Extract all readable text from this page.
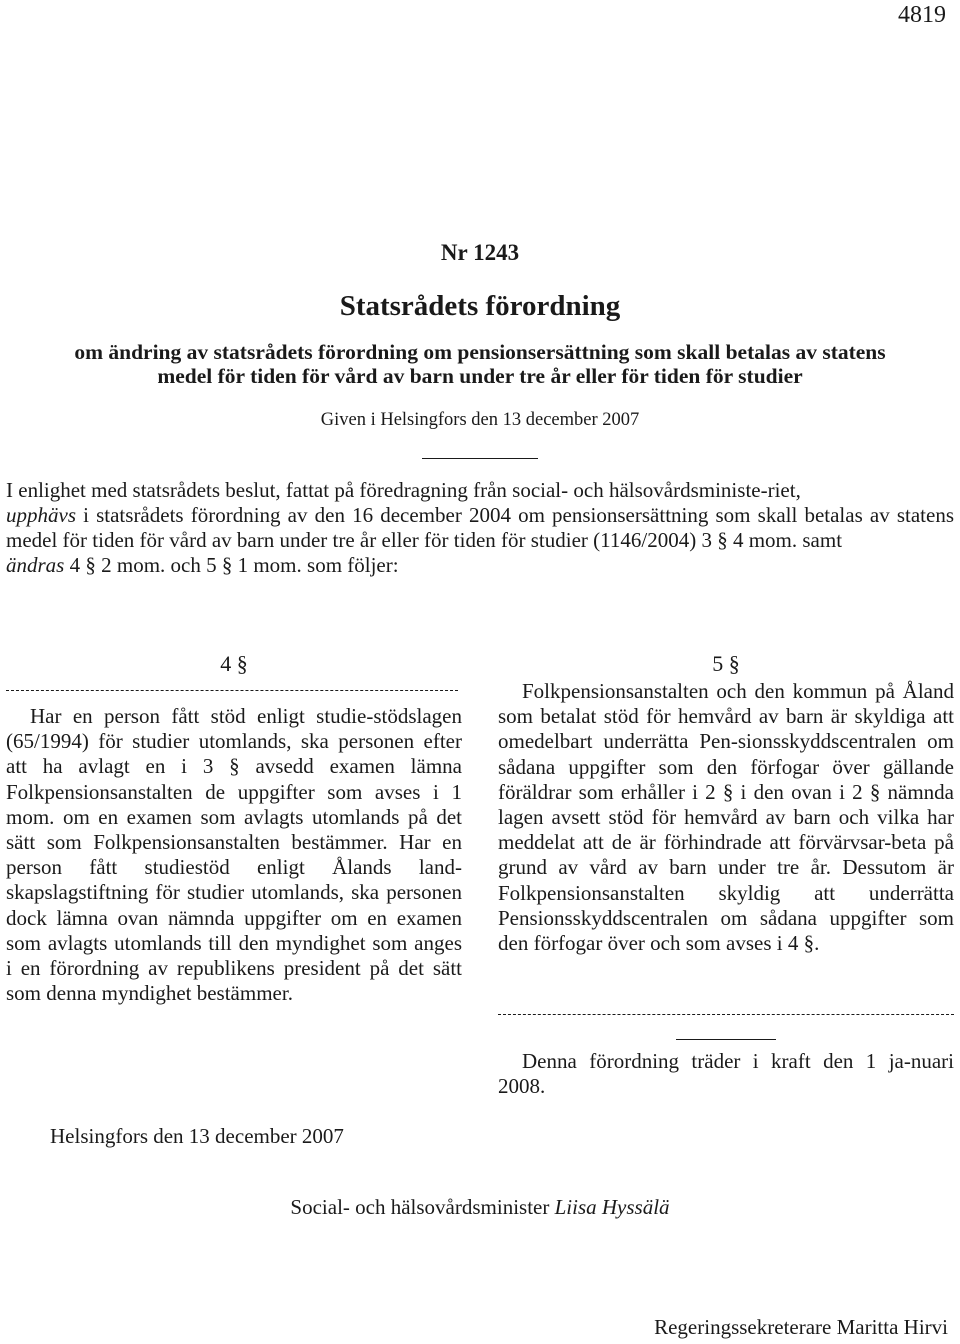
4819
Nr 1243
Statsrådets förordning
om ändring av statsrådets förordning om pensionsersättning som skall betalas av statens
medel för tiden för vård av barn under tre år eller för tiden för studier
Given i Helsingfors den 13 december 2007

I enlighet med statsrådets beslut, fattat på föredragning från social- och hälsovårdsministe-riet,

upphävs i statsrådets förordning av den 16 december 2004 om pensionsersättning som skall betalas av statens medel för tiden för vård av barn under tre år eller för tiden för studier (1146/2004) 3 § 4 mom. samt

ändras 4 § 2 mom. och 5 § 1 mom. som följer:

4 §

Har en person fått stöd enligt studie-stödslagen (65/1994) för studier utomlands, ska personen efter att ha avlagt en i 3 § avsedd examen lämna Folkpensionsanstalten de uppgifter som avses i 1 mom. om en examen som avlagts utomlands på det sätt som Folkpensionsanstalten bestämmer. Har en person fått studiestöd enligt Ålands land-skapslagstiftning för studier utomlands, ska personen dock lämna ovan nämnda uppgifter om en examen som avlagts utomlands till den myndighet som anges i en förordning av republikens president på det sätt som denna myndighet bestämmer.

5 §

Folkpensionsanstalten och den kommun på Åland som betalat stöd för hemvård av barn är skyldiga att omedelbart underrätta Pen-sionsskyddscentralen om sådana uppgifter som den förfogar över gällande föräldrar som erhåller i 2 § i den ovan i 2 § nämnda lagen avsett stöd för hemvård av barn och vilka har meddelat att de är förhindrade att förvärvsar-beta på grund av vård av barn under tre år. Dessutom är Folkpensionsanstalten skyldig att underrätta Pensionsskyddscentralen om sådana uppgifter som den förfogar över och som avses i 4 §.

Denna förordning träder i kraft den 1 ja-nuari 2008.

Helsingfors den 13 december 2007
Social- och hälsovårdsminister Liisa Hyssälä
Regeringssekreterare Maritta Hirvi
